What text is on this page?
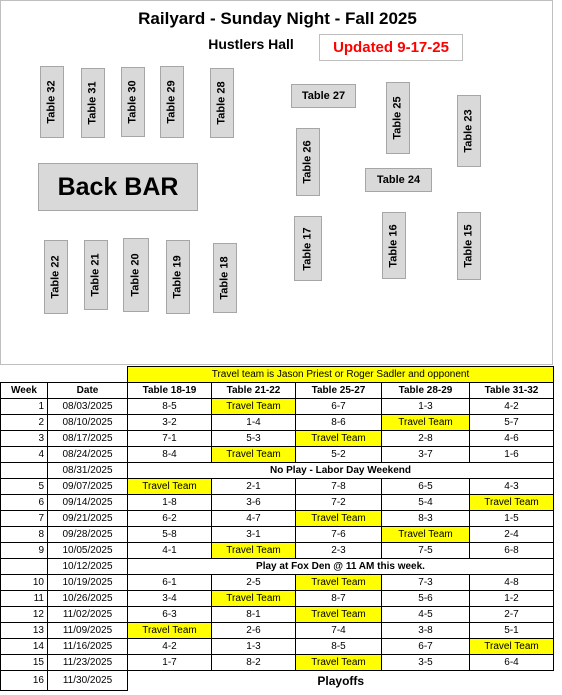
Railyard - Sunday Night - Fall 2025
Hustlers Hall	Updated 9-17-25
Back BAR
Table 32	Table 31	Table 30 Table 29	Table 28	Table 27
Table 25	Table 23
Table 26	Table 24
Table 22	Table 21	Table 20	Table 19	Table 18
Table 17	Table 16	Table 15
		Travel team is Jason Priest or Roger Sadler and opponent				
Week	Date	Table 18-19	Table 21-22	Table 25-27	Table 28-29	Table 31-32
1	08/03/2025	8-5	Travel Team	6-7	1-3	4-2
2	08/10/2025	3-2	1-4	8-6	Travel Team	5-7
3	08/17/2025	7-1	5-3	Travel Team	2-8	4-6
4	08/24/2025	8-4	Travel Team	5-2	3-7	1-6
	08/31/2025	No Play - Labor Day Weekend				
5	09/07/2025	Travel Team	2-1	7-8	6-5	4-3
6	09/14/2025	1-8	3-6	7-2	5-4	Travel Team
7	09/21/2025	6-2	4-7	Travel Team	8-3	1-5
8	09/28/2025	5-8	3-1	7-6	Travel Team	2-4
9	10/05/2025	4-1	Travel Team	2-3	7-5	6-8
	10/12/2025	Play at Fox Den @ 11 AM this week.				
10	10/19/2025	6-1	2-5	Travel Team	7-3	4-8
11	10/26/2025	3-4	Travel Team	8-7	5-6	1-2
12	11/02/2025	6-3	8-1	Travel Team	4-5	2-7
13	11/09/2025	Travel Team	2-6	7-4	3-8	5-1
14	11/16/2025	4-2	1-3	8-5	6-7	Travel Team
15	11/23/2025	1-7	8-2	Travel Team	3-5	6-4
16	11/30/2025	Playoffs				
